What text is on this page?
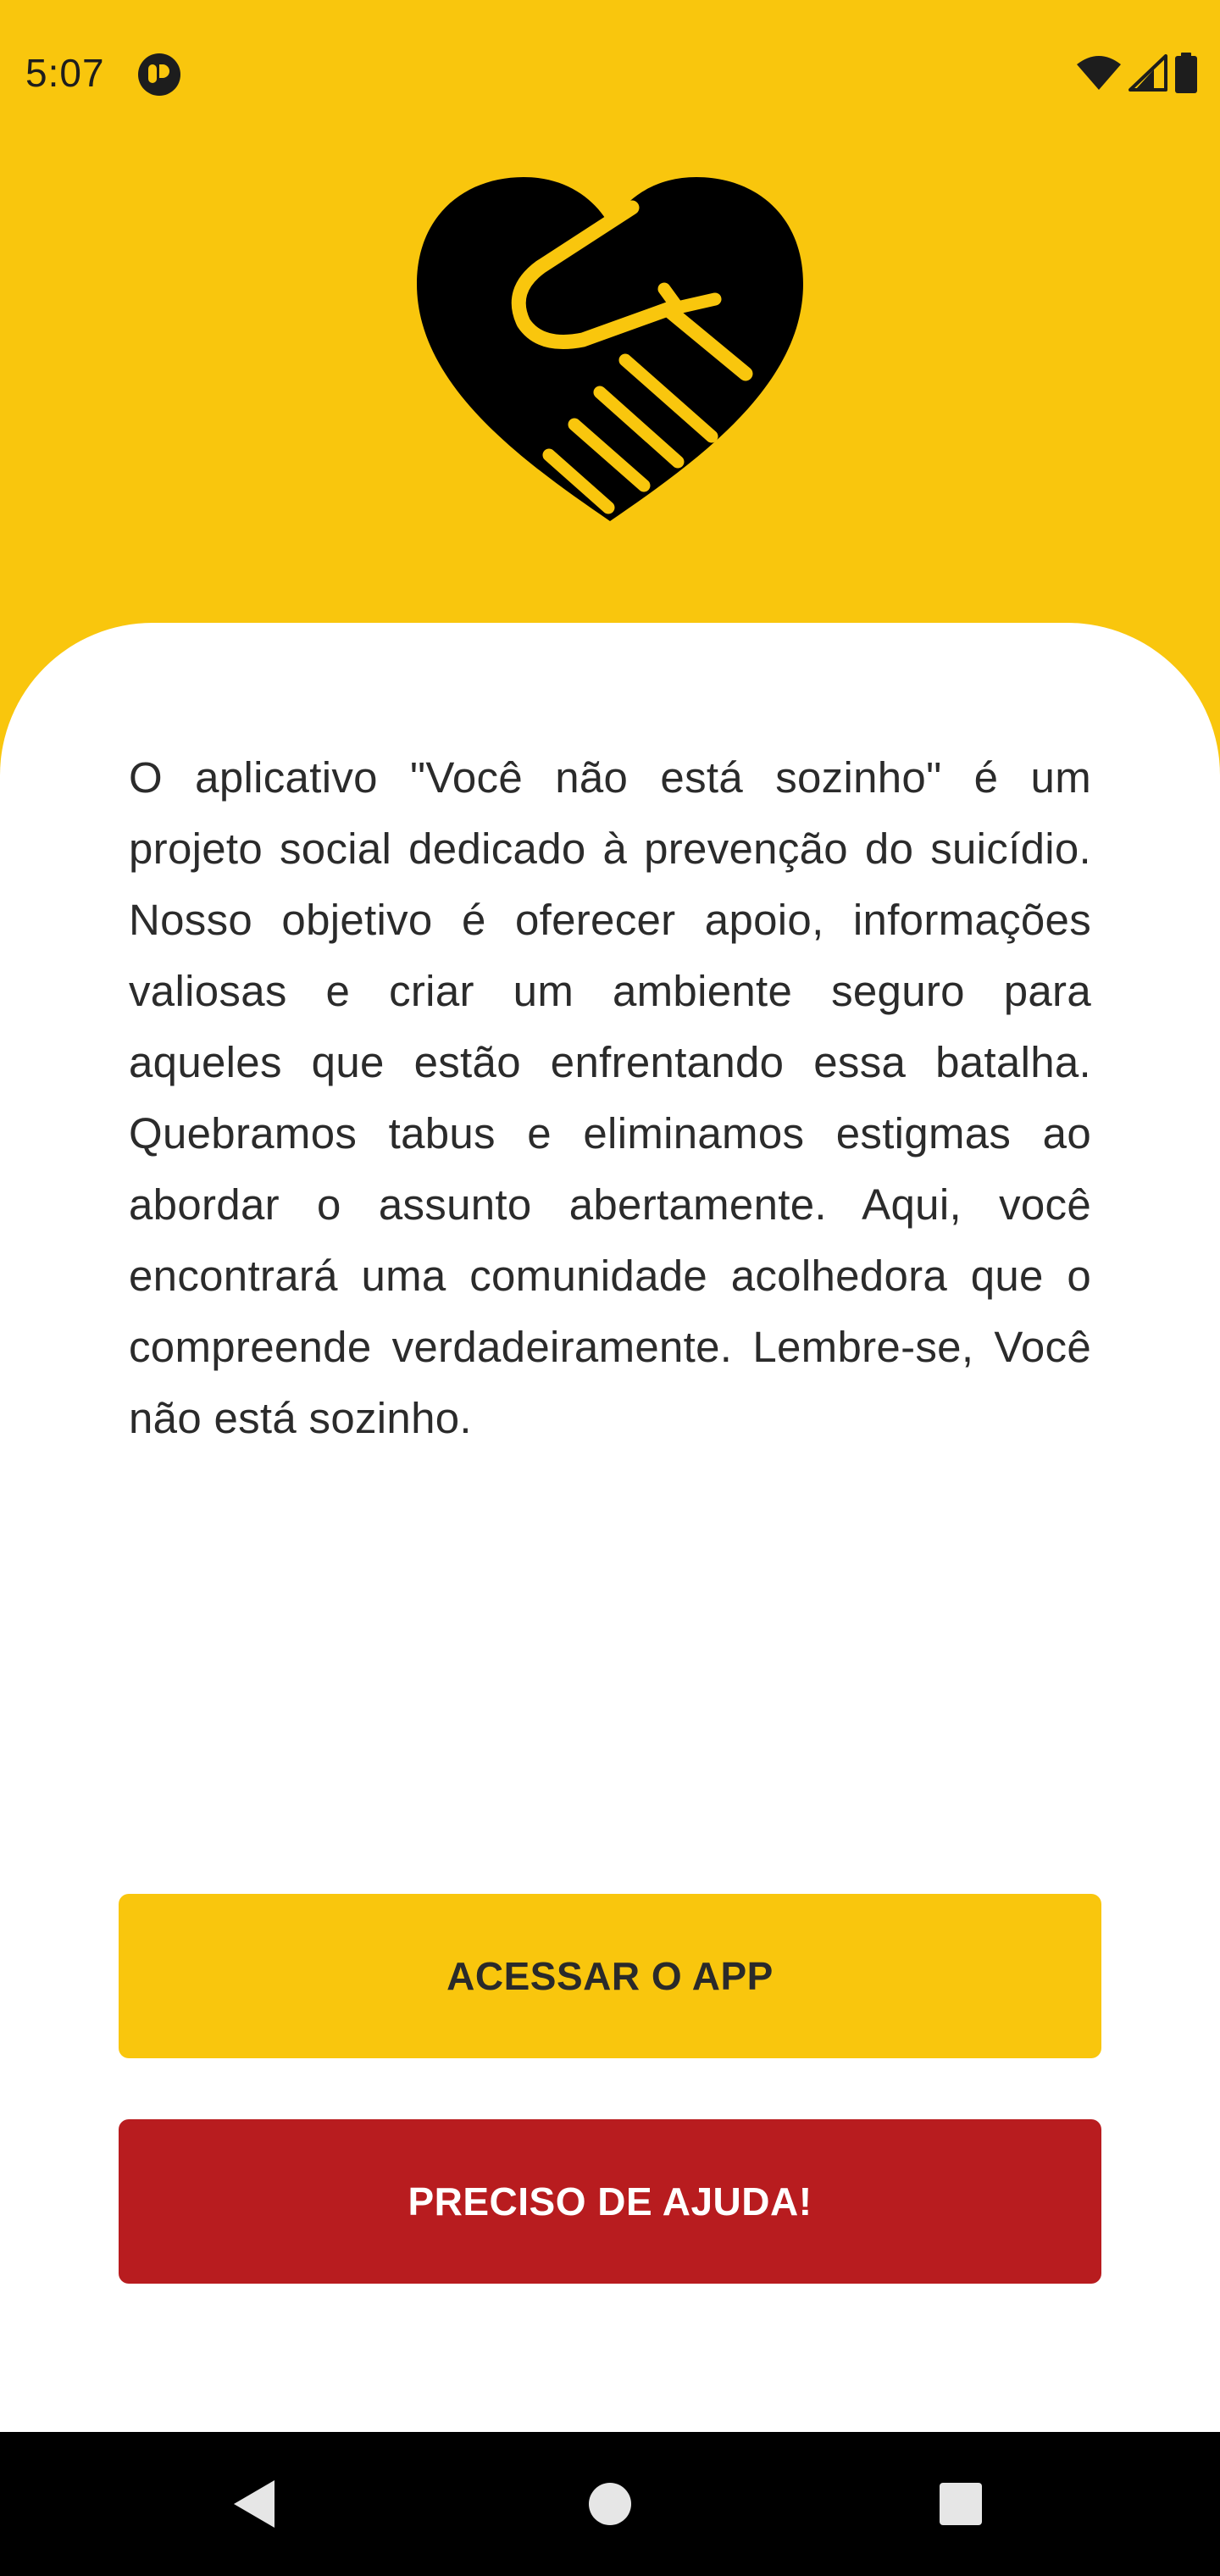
5:07

O aplicativo "Você não está sozinho" é um projeto social dedicado à prevenção do suicídio. Nosso objetivo é oferecer apoio, informações valiosas e criar um ambiente seguro para aqueles que estão enfrentando essa batalha. Quebramos tabus e eliminamos estigmas ao abordar o assunto abertamente. Aqui, você encontrará uma comunidade acolhedora que o compreende verdadeiramente. Lembre-se, Você não está sozinho.

ACESSAR O APP
PRECISO DE AJUDA!
